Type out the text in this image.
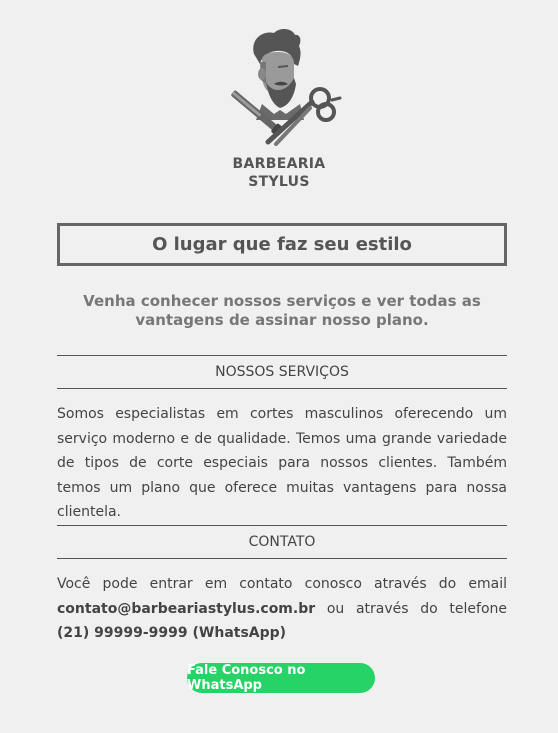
BARBEARIA
STYLUS
O lugar que faz seu estilo
Venha conhecer nossos serviços e ver todas as vantagens de assinar nosso plano.
NOSSOS SERVIÇOS
Somos especialistas em cortes masculinos oferecendo um serviço moderno e de qualidade. Temos uma grande variedade de tipos de corte especiais para nossos clientes. Também temos um plano que oferece muitas vantagens para nossa clientela.
CONTATO
Você pode entrar em contato conosco através do email contato@barbeariastylus.com.br ou através do telefone (21) 99999-9999 (WhatsApp)
Fale Conosco no WhatsApp
